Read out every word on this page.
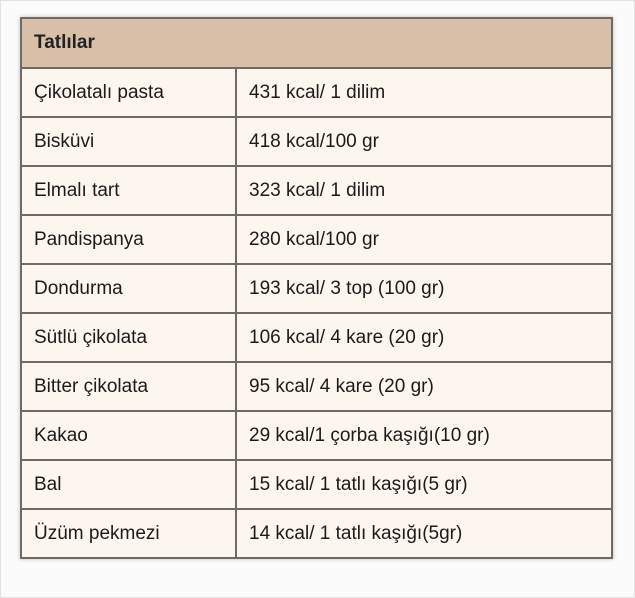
Tatlılar	
Çikolatalı pasta	431 kcal/ 1 dilim
Bisküvi	418 kcal/100 gr
Elmalı tart	323 kcal/ 1 dilim
Pandispanya	280 kcal/100 gr
Dondurma	193 kcal/ 3 top (100 gr)
Sütlü çikolata	106 kcal/ 4 kare (20 gr)
Bitter çikolata	95 kcal/ 4 kare (20 gr)
Kakao	29 kcal/1 çorba kaşığı(10 gr)
Bal	15 kcal/ 1 tatlı kaşığı(5 gr)
Üzüm pekmezi	14 kcal/ 1 tatlı kaşığı(5gr)
